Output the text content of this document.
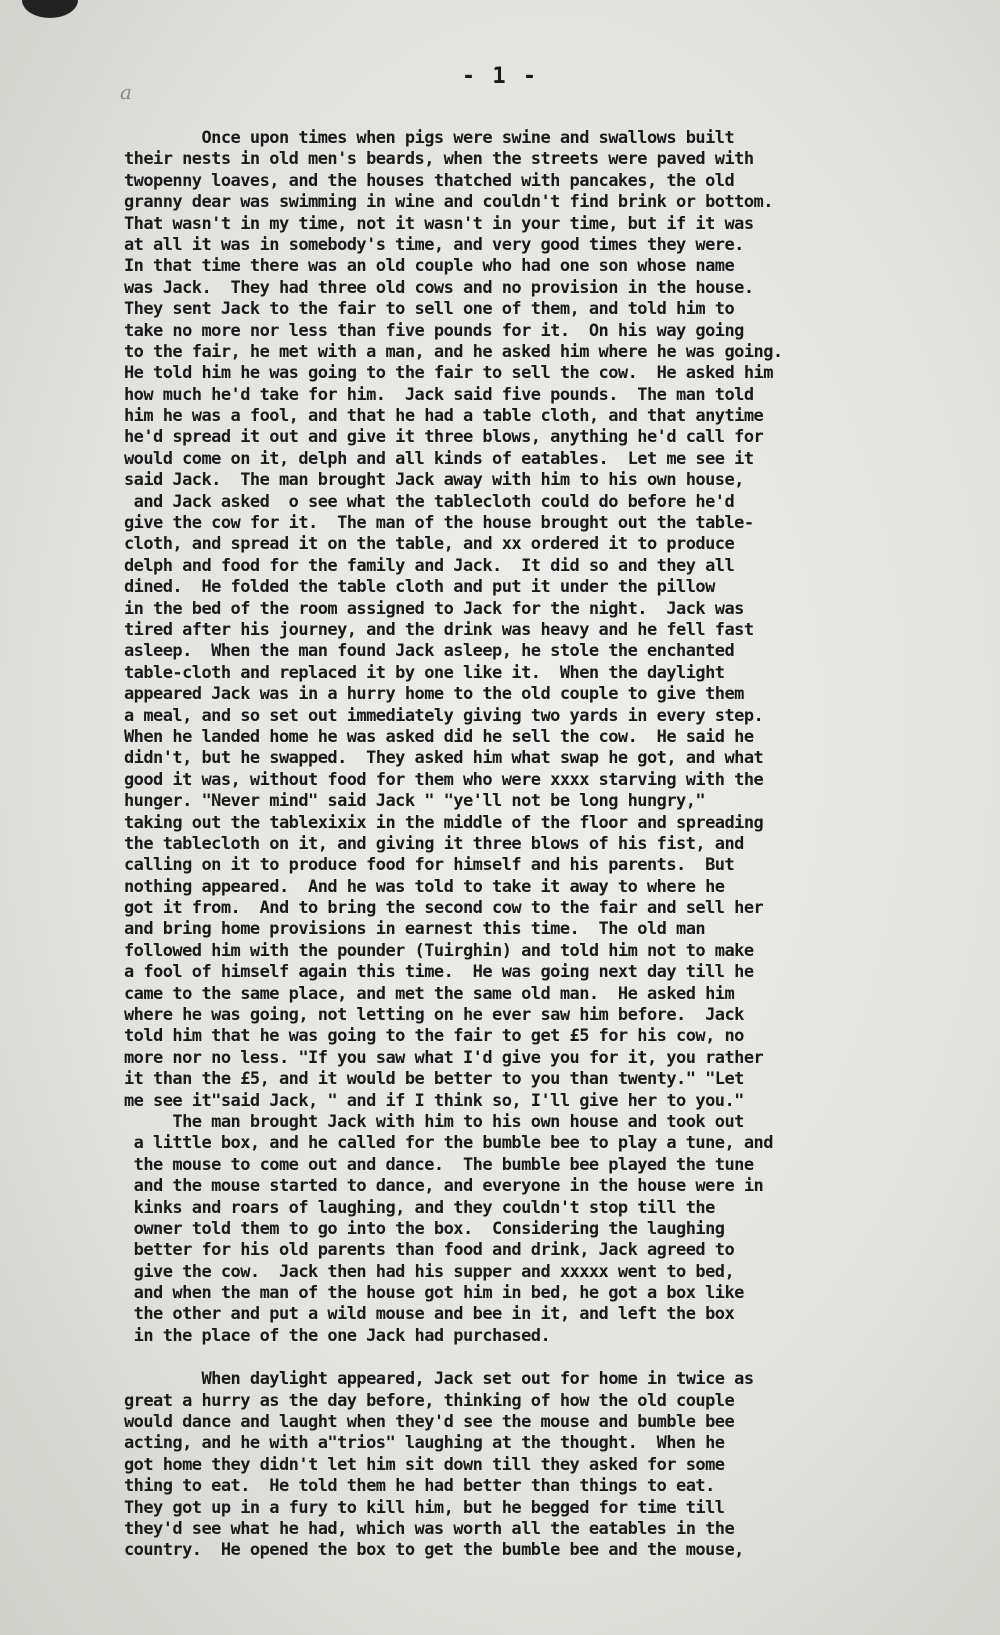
a
- 1 -
Once upon times when pigs were swine and swallows built
their nests in old men's beards, when the streets were paved with
twopenny loaves, and the houses thatched with pancakes, the old
granny dear was swimming in wine and couldn't find brink or bottom.
That wasn't in my time, not it wasn't in your time, but if it was
at all it was in somebody's time, and very good times they were.
In that time there was an old couple who had one son whose name
was Jack.  They had three old cows and no provision in the house.
They sent Jack to the fair to sell one of them, and told him to
take no more nor less than five pounds for it.  On his way going
to the fair, he met with a man, and he asked him where he was going.
He told him he was going to the fair to sell the cow.  He asked him
how much he'd take for him.  Jack said five pounds.  The man told
him he was a fool, and that he had a table cloth, and that anytime
he'd spread it out and give it three blows, anything he'd call for
would come on it, delph and all kinds of eatables.  Let me see it
said Jack.  The man brought Jack away with him to his own house,
and Jack asked  o see what the tablecloth could do before he'd
give the cow for it.  The man of the house brought out the table-
cloth, and spread it on the table, and xx ordered it to produce
delph and food for the family and Jack.  It did so and they all
dined.  He folded the table cloth and put it under the pillow
in the bed of the room assigned to Jack for the night.  Jack was
tired after his journey, and the drink was heavy and he fell fast
asleep.  When the man found Jack asleep, he stole the enchanted
table-cloth and replaced it by one like it.  When the daylight
appeared Jack was in a hurry home to the old couple to give them
a meal, and so set out immediately giving two yards in every step.
When he landed home he was asked did he sell the cow.  He said he
didn't, but he swapped.  They asked him what swap he got, and what
good it was, without food for them who were xxxx starving with the
hunger. "Never mind" said Jack " "ye'll not be long hungry,"
taking out the tablexixix in the middle of the floor and spreading
the tablecloth on it, and giving it three blows of his fist, and
calling on it to produce food for himself and his parents.  But
nothing appeared.  And he was told to take it away to where he
got it from.  And to bring the second cow to the fair and sell her
and bring home provisions in earnest this time.  The old man
followed him with the pounder (Tuirghin) and told him not to make
a fool of himself again this time.  He was going next day till he
came to the same place, and met the same old man.  He asked him
where he was going, not letting on he ever saw him before.  Jack
told him that he was going to the fair to get £5 for his cow, no
more nor no less. "If you saw what I'd give you for it, you rather
it than the £5, and it would be better to you than twenty." "Let
me see it"said Jack, " and if I think so, I'll give her to you."
The man brought Jack with him to his own house and took out
a little box, and he called for the bumble bee to play a tune, and
the mouse to come out and dance.  The bumble bee played the tune
and the mouse started to dance, and everyone in the house were in
kinks and roars of laughing, and they couldn't stop till the
owner told them to go into the box.  Considering the laughing
better for his old parents than food and drink, Jack agreed to
give the cow.  Jack then had his supper and xxxxx went to bed,
and when the man of the house got him in bed, he got a box like
the other and put a wild mouse and bee in it, and left the box
in the place of the one Jack had purchased.
When daylight appeared, Jack set out for home in twice as
great a hurry as the day before, thinking of how the old couple
would dance and laught when they'd see the mouse and bumble bee
acting, and he with a"trios" laughing at the thought.  When he
got home they didn't let him sit down till they asked for some
thing to eat.  He told them he had better than things to eat.
They got up in a fury to kill him, but he begged for time till
they'd see what he had, which was worth all the eatables in the
country.  He opened the box to get the bumble bee and the mouse,
